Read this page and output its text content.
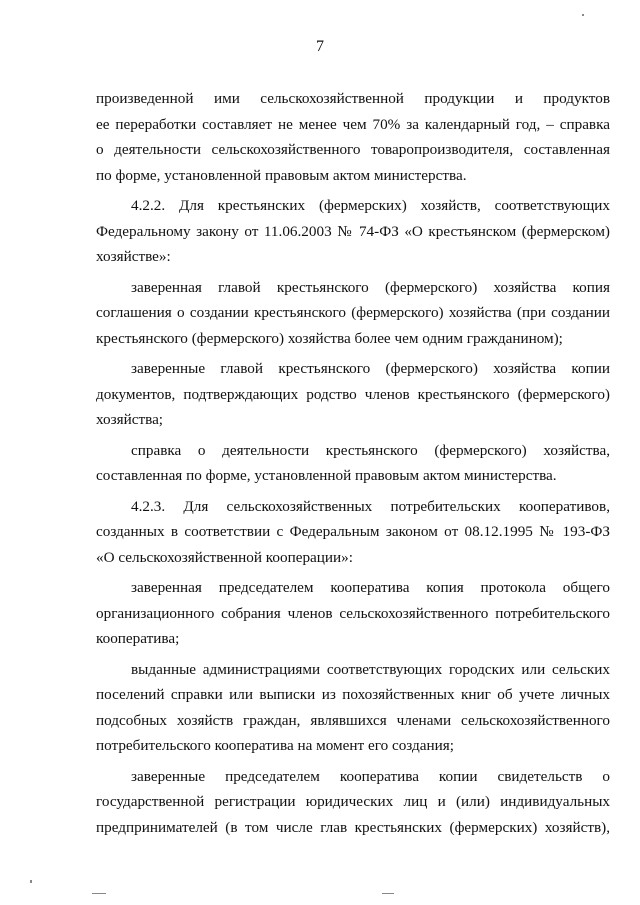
7
произведенной ими сельскохозяйственной продукции и продуктов
ее переработки составляет не менее чем 70% за календарный год, – справка
о деятельности сельскохозяйственного товаропроизводителя, составленная
по форме, установленной правовым актом министерства.
4.2.2. Для крестьянских (фермерских) хозяйств, соответствующих
Федеральному закону от 11.06.2003 № 74-ФЗ «О крестьянском (фермерском)
хозяйстве»:
заверенная главой крестьянского (фермерского) хозяйства копия
соглашения о создании крестьянского (фермерского) хозяйства (при создании
крестьянского (фермерского) хозяйства более чем одним гражданином);
заверенные главой крестьянского (фермерского) хозяйства копии
документов, подтверждающих родство членов крестьянского (фермерского)
хозяйства;
справка о деятельности крестьянского (фермерского) хозяйства,
составленная по форме, установленной правовым актом министерства.
4.2.3. Для сельскохозяйственных потребительских кооперативов,
созданных в соответствии с Федеральным законом от 08.12.1995 № 193-ФЗ
«О сельскохозяйственной кооперации»:
заверенная председателем кооператива копия протокола общего
организационного собрания членов сельскохозяйственного потребительского
кооператива;
выданные администрациями соответствующих городских или сельских
поселений справки или выписки из похозяйственных книг об учете личных
подсобных хозяйств граждан, являвшихся членами сельскохозяйственного
потребительского кооператива на момент его создания;
заверенные председателем кооператива копии свидетельств о
государственной регистрации юридических лиц и (или) индивидуальных
предпринимателей (в том числе глав крестьянских (фермерских) хозяйств),
